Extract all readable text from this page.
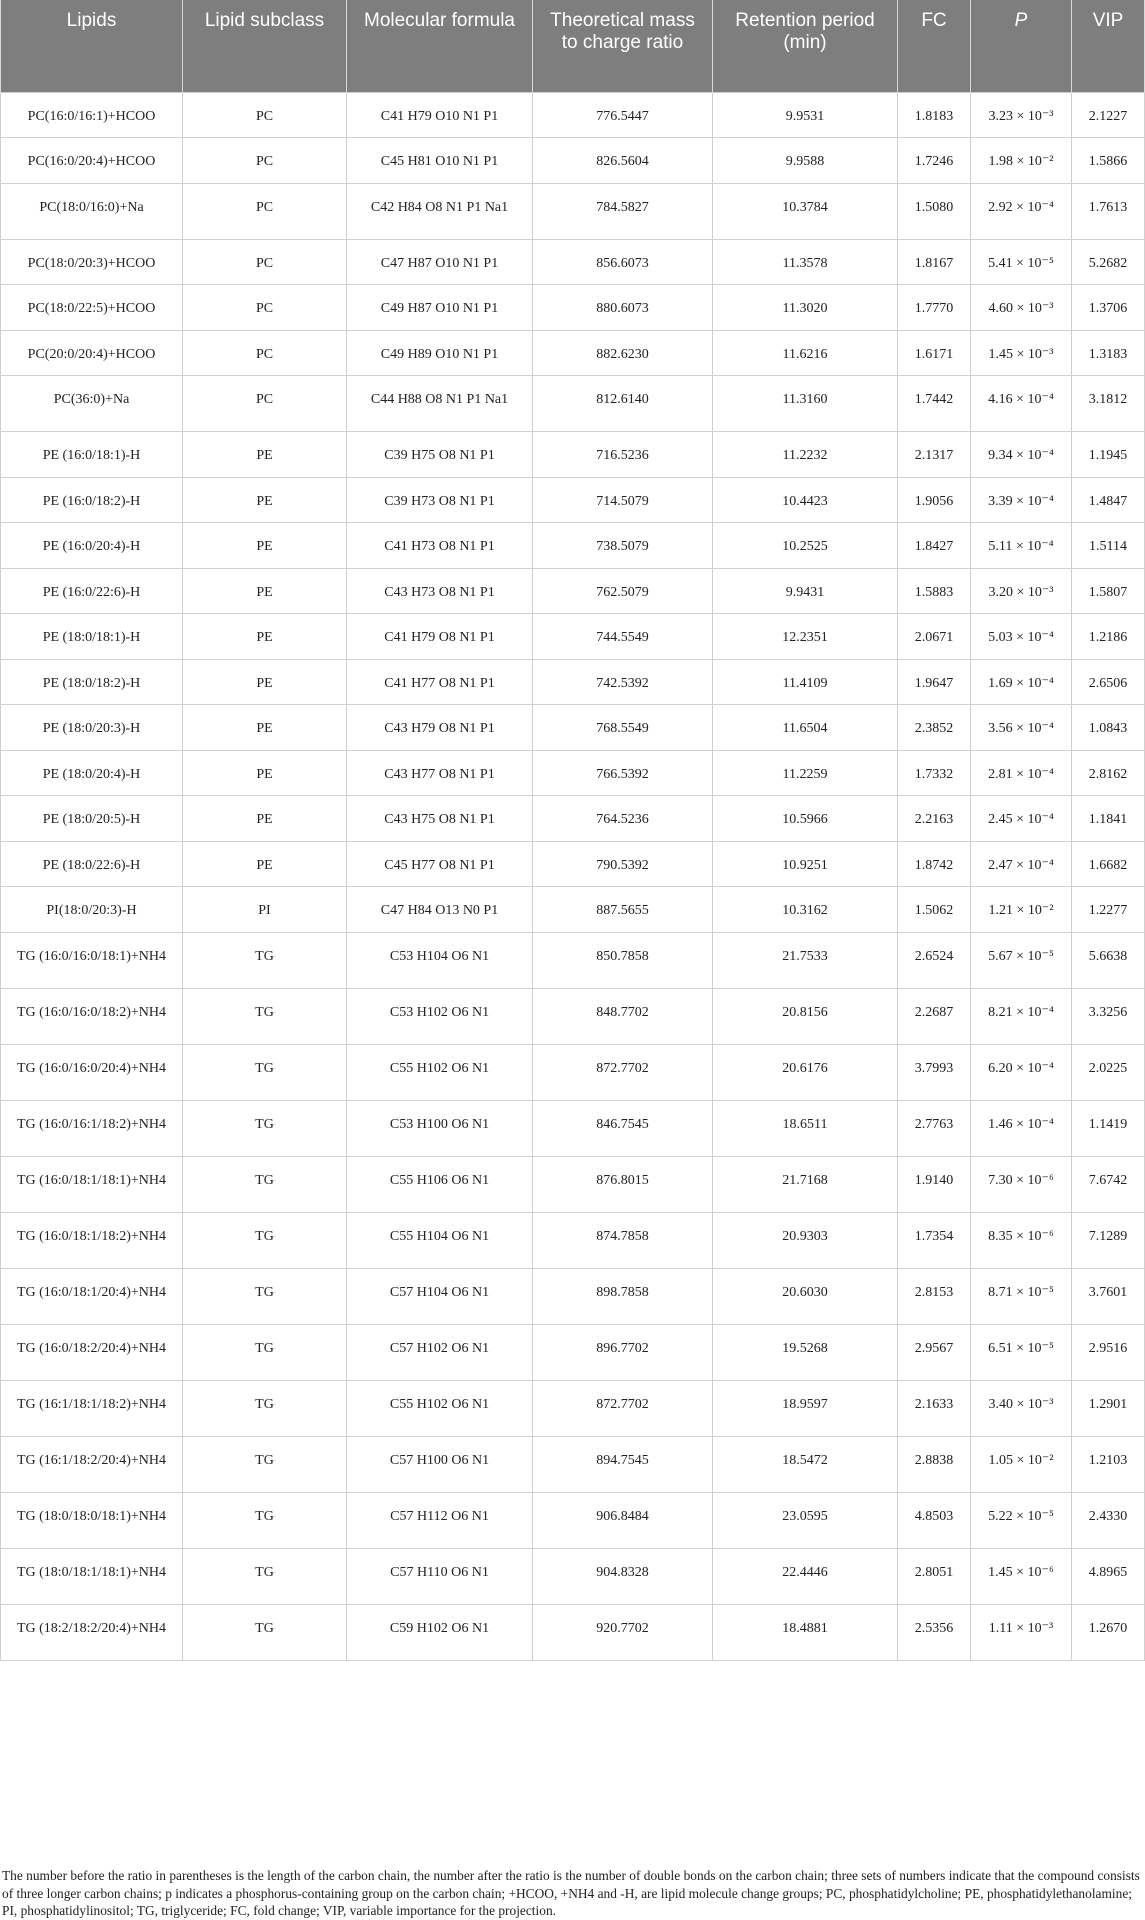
Lipids	Lipid subclass	Molecular formula	Theoretical mass to charge ratio	Retention period (min)	FC	P	VIP
PC(16:0/16:1)+HCOO	PC	C41 H79 O10 N1 P1	776.5447	9.9531	1.8183	3.23 × 10⁻³	2.1227
PC(16:0/20:4)+HCOO	PC	C45 H81 O10 N1 P1	826.5604	9.9588	1.7246	1.98 × 10⁻²	1.5866
PC(18:0/16:0)+Na	PC	C42 H84 O8 N1 P1 Na1	784.5827	10.3784	1.5080	2.92 × 10⁻⁴	1.7613
PC(18:0/20:3)+HCOO	PC	C47 H87 O10 N1 P1	856.6073	11.3578	1.8167	5.41 × 10⁻⁵	5.2682
PC(18:0/22:5)+HCOO	PC	C49 H87 O10 N1 P1	880.6073	11.3020	1.7770	4.60 × 10⁻³	1.3706
PC(20:0/20:4)+HCOO	PC	C49 H89 O10 N1 P1	882.6230	11.6216	1.6171	1.45 × 10⁻³	1.3183
PC(36:0)+Na	PC	C44 H88 O8 N1 P1 Na1	812.6140	11.3160	1.7442	4.16 × 10⁻⁴	3.1812
PE (16:0/18:1)-H	PE	C39 H75 O8 N1 P1	716.5236	11.2232	2.1317	9.34 × 10⁻⁴	1.1945
PE (16:0/18:2)-H	PE	C39 H73 O8 N1 P1	714.5079	10.4423	1.9056	3.39 × 10⁻⁴	1.4847
PE (16:0/20:4)-H	PE	C41 H73 O8 N1 P1	738.5079	10.2525	1.8427	5.11 × 10⁻⁴	1.5114
PE (16:0/22:6)-H	PE	C43 H73 O8 N1 P1	762.5079	9.9431	1.5883	3.20 × 10⁻³	1.5807
PE (18:0/18:1)-H	PE	C41 H79 O8 N1 P1	744.5549	12.2351	2.0671	5.03 × 10⁻⁴	1.2186
PE (18:0/18:2)-H	PE	C41 H77 O8 N1 P1	742.5392	11.4109	1.9647	1.69 × 10⁻⁴	2.6506
PE (18:0/20:3)-H	PE	C43 H79 O8 N1 P1	768.5549	11.6504	2.3852	3.56 × 10⁻⁴	1.0843
PE (18:0/20:4)-H	PE	C43 H77 O8 N1 P1	766.5392	11.2259	1.7332	2.81 × 10⁻⁴	2.8162
PE (18:0/20:5)-H	PE	C43 H75 O8 N1 P1	764.5236	10.5966	2.2163	2.45 × 10⁻⁴	1.1841
PE (18:0/22:6)-H	PE	C45 H77 O8 N1 P1	790.5392	10.9251	1.8742	2.47 × 10⁻⁴	1.6682
PI(18:0/20:3)-H	PI	C47 H84 O13 N0 P1	887.5655	10.3162	1.5062	1.21 × 10⁻²	1.2277
TG (16:0/16:0/18:1)+NH4	TG	C53 H104 O6 N1	850.7858	21.7533	2.6524	5.67 × 10⁻⁵	5.6638
TG (16:0/16:0/18:2)+NH4	TG	C53 H102 O6 N1	848.7702	20.8156	2.2687	8.21 × 10⁻⁴	3.3256
TG (16:0/16:0/20:4)+NH4	TG	C55 H102 O6 N1	872.7702	20.6176	3.7993	6.20 × 10⁻⁴	2.0225
TG (16:0/16:1/18:2)+NH4	TG	C53 H100 O6 N1	846.7545	18.6511	2.7763	1.46 × 10⁻⁴	1.1419
TG (16:0/18:1/18:1)+NH4	TG	C55 H106 O6 N1	876.8015	21.7168	1.9140	7.30 × 10⁻⁶	7.6742
TG (16:0/18:1/18:2)+NH4	TG	C55 H104 O6 N1	874.7858	20.9303	1.7354	8.35 × 10⁻⁶	7.1289
TG (16:0/18:1/20:4)+NH4	TG	C57 H104 O6 N1	898.7858	20.6030	2.8153	8.71 × 10⁻⁵	3.7601
TG (16:0/18:2/20:4)+NH4	TG	C57 H102 O6 N1	896.7702	19.5268	2.9567	6.51 × 10⁻⁵	2.9516
TG (16:1/18:1/18:2)+NH4	TG	C55 H102 O6 N1	872.7702	18.9597	2.1633	3.40 × 10⁻³	1.2901
TG (16:1/18:2/20:4)+NH4	TG	C57 H100 O6 N1	894.7545	18.5472	2.8838	1.05 × 10⁻²	1.2103
TG (18:0/18:0/18:1)+NH4	TG	C57 H112 O6 N1	906.8484	23.0595	4.8503	5.22 × 10⁻⁵	2.4330
TG (18:0/18:1/18:1)+NH4	TG	C57 H110 O6 N1	904.8328	22.4446	2.8051	1.45 × 10⁻⁶	4.8965
TG (18:2/18:2/20:4)+NH4	TG	C59 H102 O6 N1	920.7702	18.4881	2.5356	1.11 × 10⁻³	1.2670

The number before the ratio in parentheses is the length of the carbon chain, the number after the ratio is the number of double bonds on the carbon chain; three sets of numbers indicate that the compound consists of three longer carbon chains; p indicates a phosphorus-containing group on the carbon chain; +HCOO, +NH4 and -H, are lipid molecule change groups; PC, phosphatidylcholine; PE, phosphatidylethanolamine; PI, phosphatidylinositol; TG, triglyceride; FC, fold change; VIP, variable importance for the projection.
